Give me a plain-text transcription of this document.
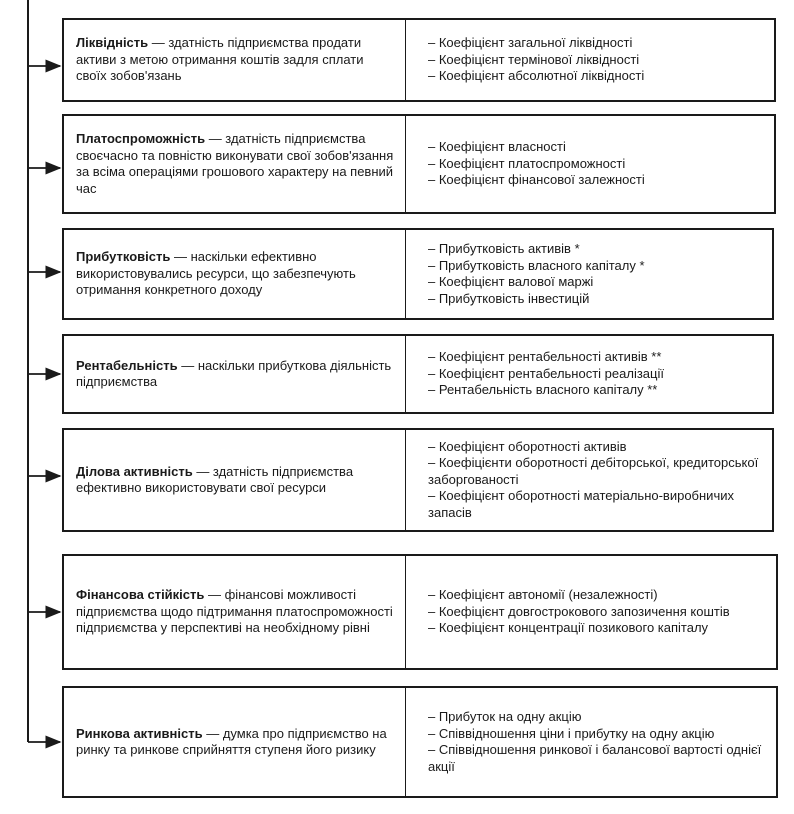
Ліквідність — здатність підприємства продати активи з метою отримання коштів задля сплати своїх зобов'язань
– Коефіцієнт загальної ліквідності
– Коефіцієнт термінової ліквідності
– Коефіцієнт абсолютної ліквідності
Платоспроможність — здатність підприємства своєчасно та повністю виконувати свої зобов'язання за всіма операціями грошового характеру на певний час
– Коефіцієнт власності
– Коефіцієнт платоспроможності
– Коефіцієнт фінансової залежності
Прибутковість — наскільки ефективно використовувались ресурси, що забезпечують отримання конкретного доходу
– Прибутковість активів *
– Прибутковість власного капіталу *
– Коефіцієнт валової маржі
– Прибутковість інвестицій
Рентабельність — наскільки прибуткова діяльність підприємства
– Коефіцієнт рентабельності активів **
– Коефіцієнт рентабельності реалізації
– Рентабельність власного капіталу **
Ділова активність — здатність підприємства ефективно використовувати свої ресурси
– Коефіцієнт оборотності активів
– Коефіцієнти оборотності дебіторської, кредиторської заборгованості
– Коефіцієнт оборотності матеріально-виробничих запасів
Фінансова стійкість — фінансові можливості підприємства щодо підтримання платоспроможності підприємства у перспективі на необхідному рівні
– Коефіцієнт автономії (незалежності)
– Коефіцієнт довгострокового запозичення коштів
– Коефіцієнт концентрації позикового капіталу
Ринкова активність — думка про підприємство на ринку та ринкове сприйняття ступеня його ризику
– Прибуток на одну акцію
– Співвідношення ціни і прибутку на одну акцію
– Співвідношення ринкової і балансової вартості однієї акції
